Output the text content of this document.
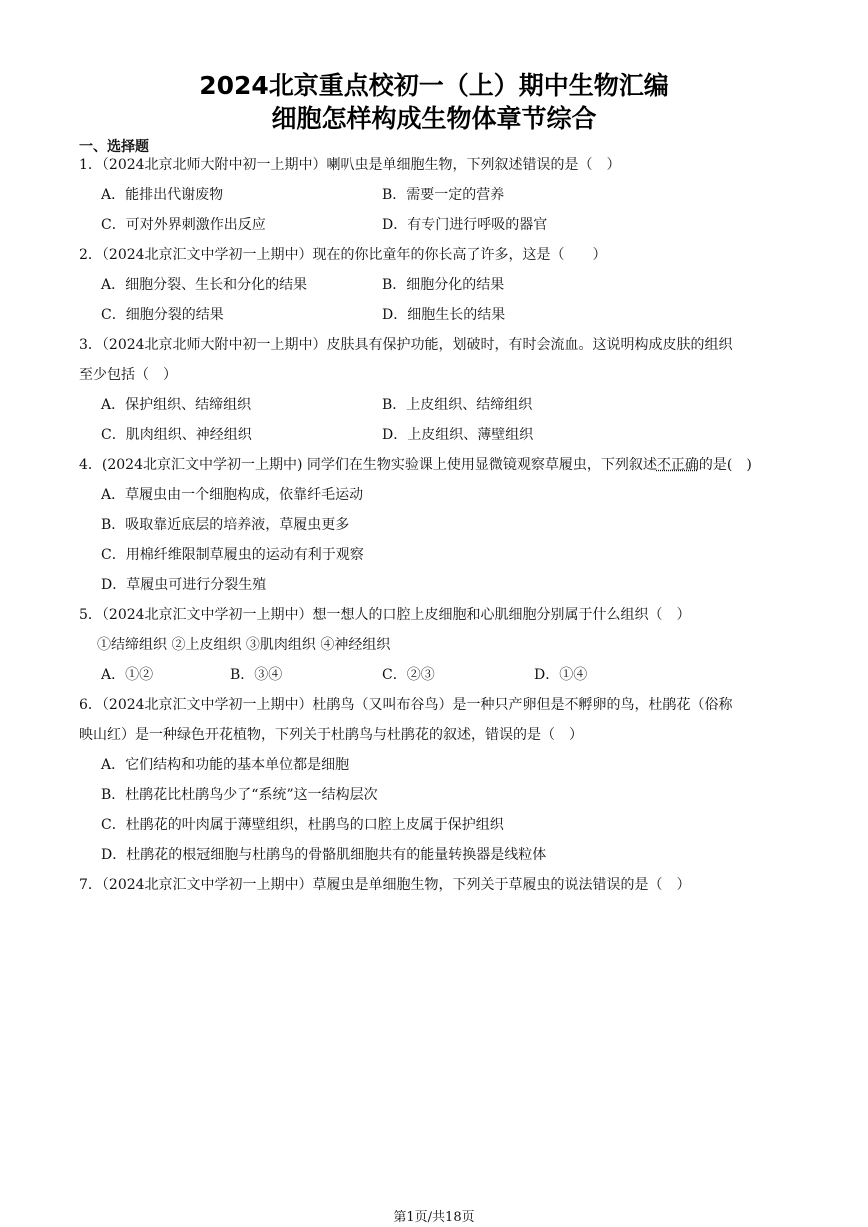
2024北京重点校初一（上）期中生物汇编
细胞怎样构成生物体章节综合
一、选择题
1．（2024北京北师大附中初一上期中）喇叭虫是单细胞生物，下列叙述错误的是（　）
A．能排出代谢废物	B．需要一定的营养
C．可对外界刺激作出反应	D．有专门进行呼吸的器官
2．（2024北京汇文中学初一上期中）现在的你比童年的你长高了许多，这是（　　）
A．细胞分裂、生长和分化的结果	B．细胞分化的结果
C．细胞分裂的结果	D．细胞生长的结果
3．（2024北京北师大附中初一上期中）皮肤具有保护功能，划破时，有时会流血。这说明构成皮肤的组织
至少包括（　）
A．保护组织、结缔组织	B．上皮组织、结缔组织
C．肌肉组织、神经组织	D．上皮组织、薄壁组织
4．(2024北京汇文中学初一上期中) 同学们在生物实验课上使用显微镜观察草履虫，下列叙述不正确的是(　)
A．草履虫由一个细胞构成，依靠纤毛运动
B．吸取靠近底层的培养液，草履虫更多
C．用棉纤维限制草履虫的运动有利于观察
D．草履虫可进行分裂生殖
5．（2024北京汇文中学初一上期中）想一想人的口腔上皮细胞和心肌细胞分别属于什么组织（　）
①结缔组织 ②上皮组织 ③肌肉组织 ④神经组织
A．①②	B．③④	C．②③	D．①④
6．（2024北京汇文中学初一上期中）杜鹃鸟（又叫布谷鸟）是一种只产卵但是不孵卵的鸟，杜鹃花（俗称
映山红）是一种绿色开花植物，下列关于杜鹃鸟与杜鹃花的叙述，错误的是（　）
A．它们结构和功能的基本单位都是细胞
B．杜鹃花比杜鹃鸟少了“系统”这一结构层次
C．杜鹃花的叶肉属于薄壁组织，杜鹃鸟的口腔上皮属于保护组织
D．杜鹃花的根冠细胞与杜鹃鸟的骨骼肌细胞共有的能量转换器是线粒体
7．（2024北京汇文中学初一上期中）草履虫是单细胞生物，下列关于草履虫的说法错误的是（　）
第1页/共18页
